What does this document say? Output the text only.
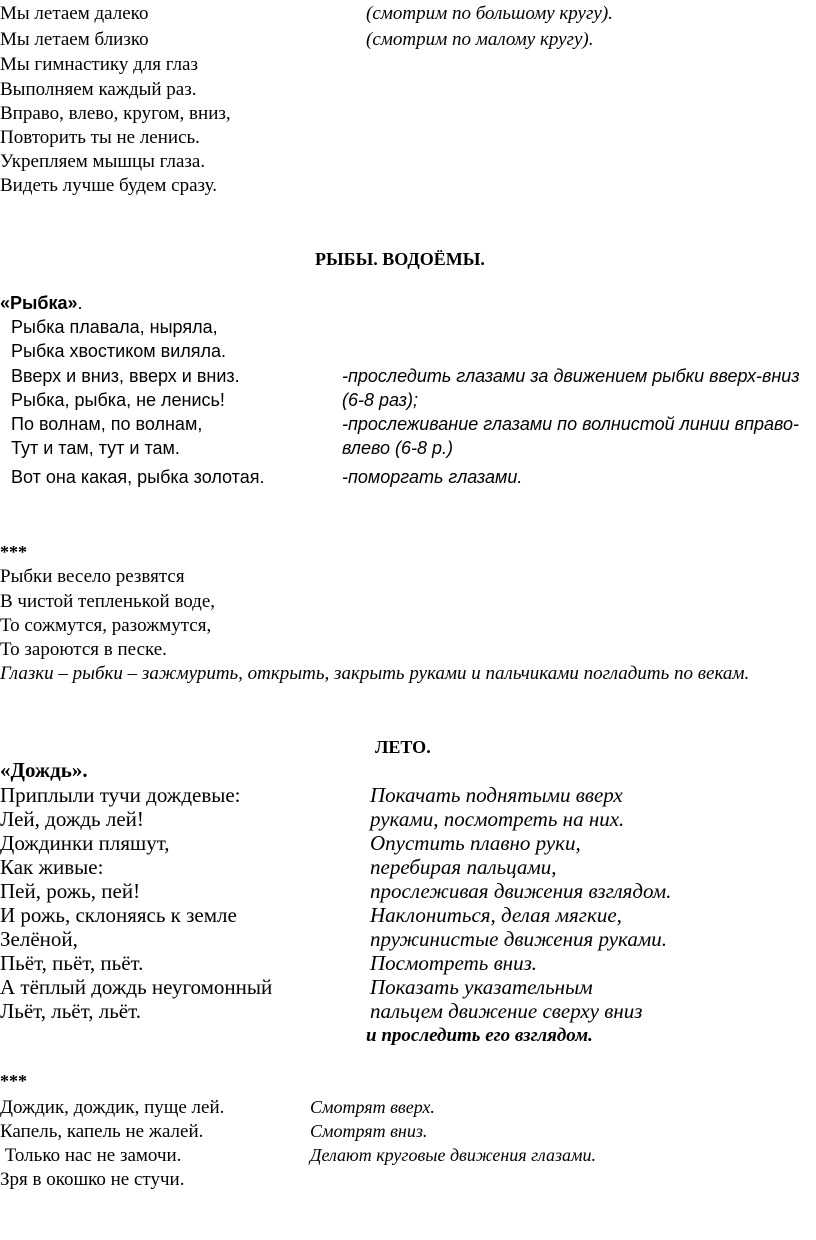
Мы летаем далеко
Мы летаем близко
Мы гимнастику для глаз
Выполняем каждый раз.
Вправо, влево, кругом, вниз,
Повторить ты не ленись.
Укрепляем мышцы глаза.
Видеть лучше будем сразу.
(смотрим по большому кругу).
(смотрим по малому кругу).
РЫБЫ. ВОДОЁМЫ.
«Рыбка».
Рыбка плавала, ныряла,
Рыбка хвостиком виляла.
Вверх и вниз, вверх и вниз.
Рыбка, рыбка, не ленись!
По волнам, по волнам,
Тут и там, тут и там.
Вот она какая, рыбка золотая.
-проследить глазами за движением рыбки вверх-вниз
(6-8 раз);
-прослеживание глазами по волнистой линии вправо-
влево (6-8 р.)
-поморгать глазами.
***
Рыбки весело резвятся
В чистой тепленькой воде,
То сожмутся, разожмутся,
То зароются в песке.
Глазки – рыбки – зажмурить, открыть, закрыть руками и пальчиками погладить по векам.
ЛЕТО.
«Дождь».
Приплыли тучи дождевые:
Лей, дождь лей!
Дождинки пляшут,
Как живые:
Пей, рожь, пей!
И рожь, склоняясь к земле
Зелёной,
Пьёт, пьёт, пьёт.
А тёплый дождь неугомонный
Льёт, льёт, льёт.
Покачать поднятыми вверх
руками, посмотреть на них.
Опустить плавно руки,
перебирая пальцами,
прослеживая движения взглядом.
Наклониться, делая мягкие,
пружинистые движения руками.
Посмотреть вниз.
Показать указательным
пальцем движение сверху вниз
и проследить его взглядом.
***
Дождик, дождик, пуще лей.
Капель, капель не жалей.
Только нас не замочи.
Зря в окошко не стучи.
Смотрят вверх.
Смотрят вниз.
Делают круговые движения глазами.
